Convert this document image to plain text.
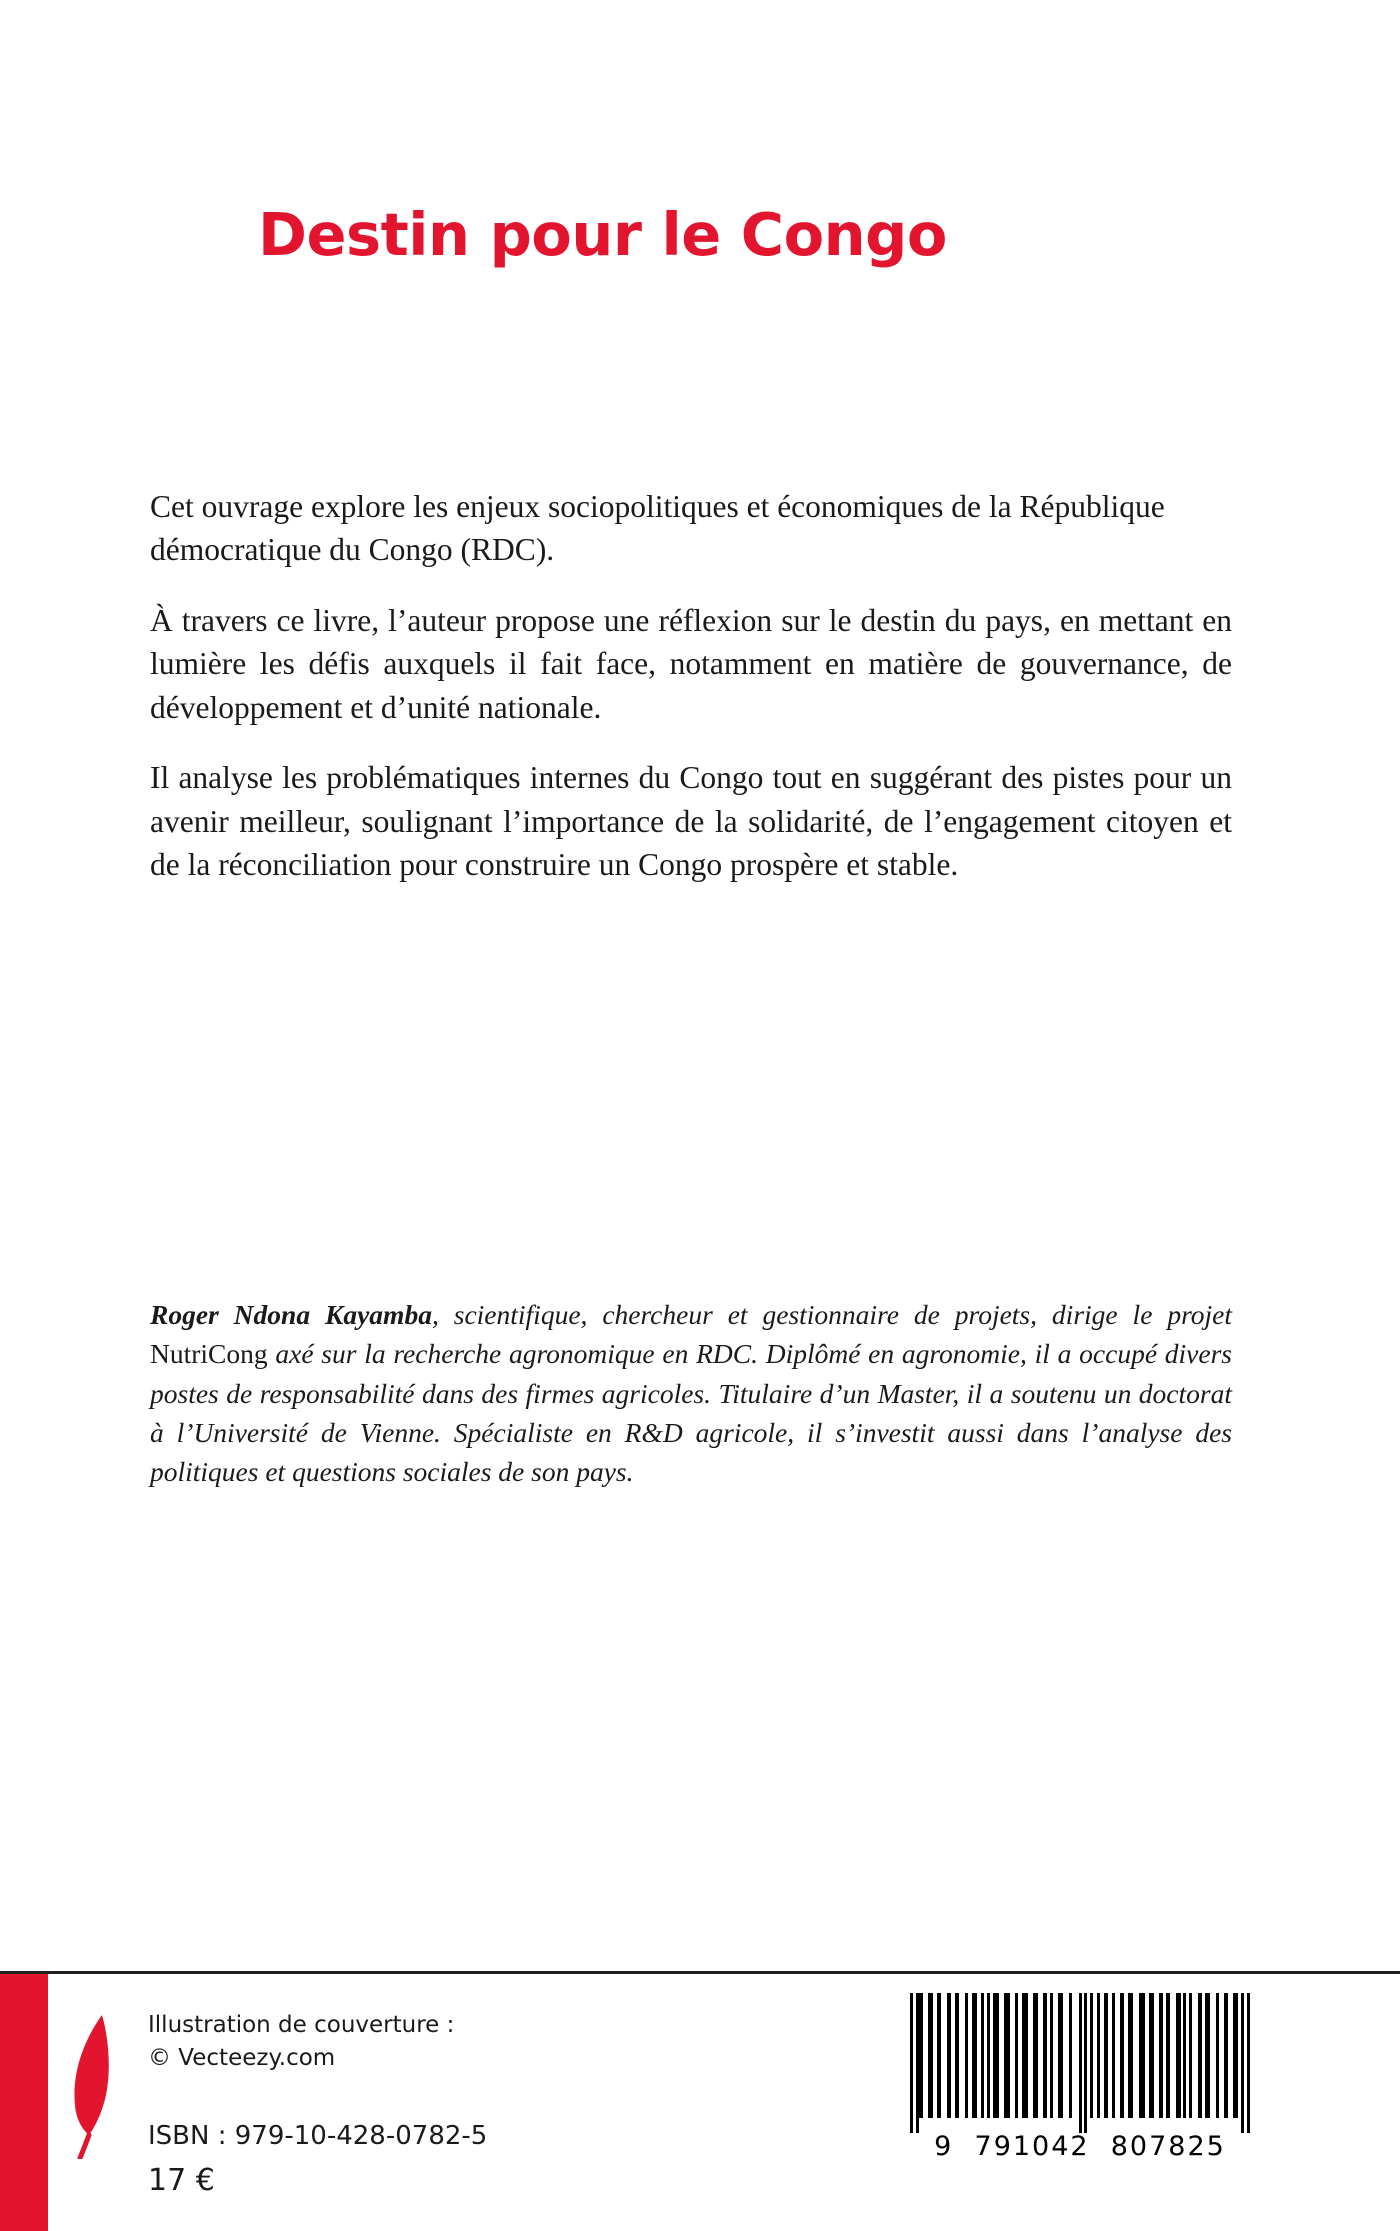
Destin pour le Congo

Cet ouvrage explore les enjeux sociopolitiques et économiques de la République démocratique du Congo (RDC).

À travers ce livre, l’auteur propose une réflexion sur le destin du pays, en mettant en lumière les défis auxquels il fait face, notamment en matière de gouvernance, de développement et d’unité nationale.

Il analyse les problématiques internes du Congo tout en suggérant des pistes pour un avenir meilleur, soulignant l’importance de la solidarité, de l’engagement citoyen et de la réconciliation pour construire un Congo prospère et stable.

Roger Ndona Kayamba, scientifique, chercheur et gestionnaire de projets, dirige le projet NutriCong axé sur la recherche agronomique en RDC. Diplômé en agronomie, il a occupé divers postes de responsabilité dans des firmes agricoles. Titulaire d’un Master, il a soutenu un doctorat à l’Université de Vienne. Spécialiste en R&D agricole, il s’investit aussi dans l’analyse des politiques et questions sociales de son pays.
Illustration de couverture :
© Vecteezy.com
ISBN : 979-10-428-0782-5
17 €
9  791042  807825
